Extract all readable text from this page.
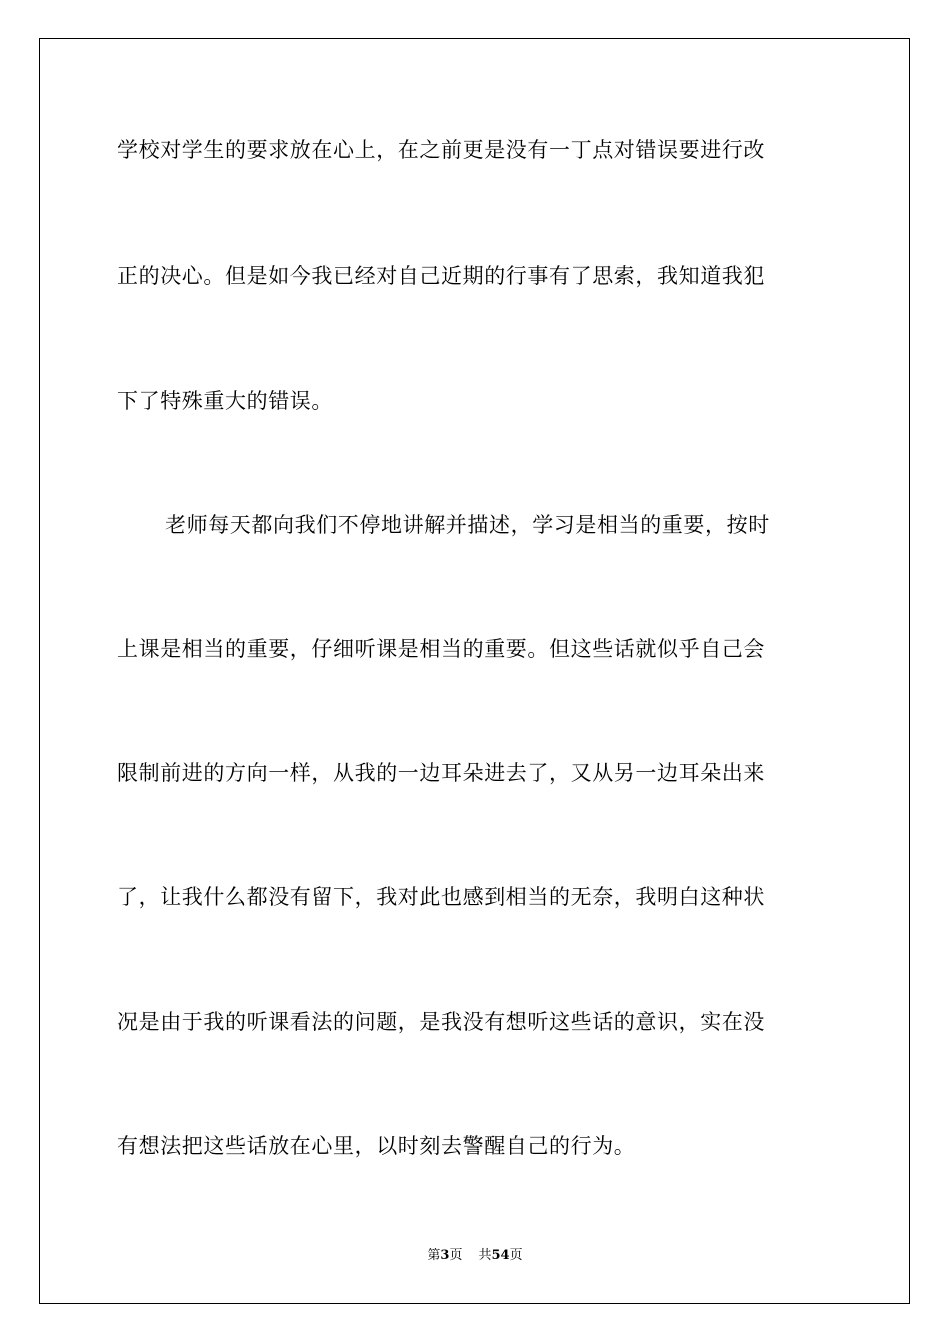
学校对学生的要求放在心上，在之前更是没有一丁点对错误要进行改
正的决心。但是如今我已经对自己近期的行事有了思索，我知道我犯
下了特殊重大的错误。
老师每天都向我们不停地讲解并描述，学习是相当的重要，按时
上课是相当的重要，仔细听课是相当的重要。但这些话就似乎自己会
限制前进的方向一样，从我的一边耳朵进去了，又从另一边耳朵出来
了，让我什么都没有留下，我对此也感到相当的无奈，我明白这种状
况是由于我的听课看法的问题，是我没有想听这些话的意识，实在没
有想法把这些话放在心里，以时刻去警醒自己的行为。
第3页 共54页
